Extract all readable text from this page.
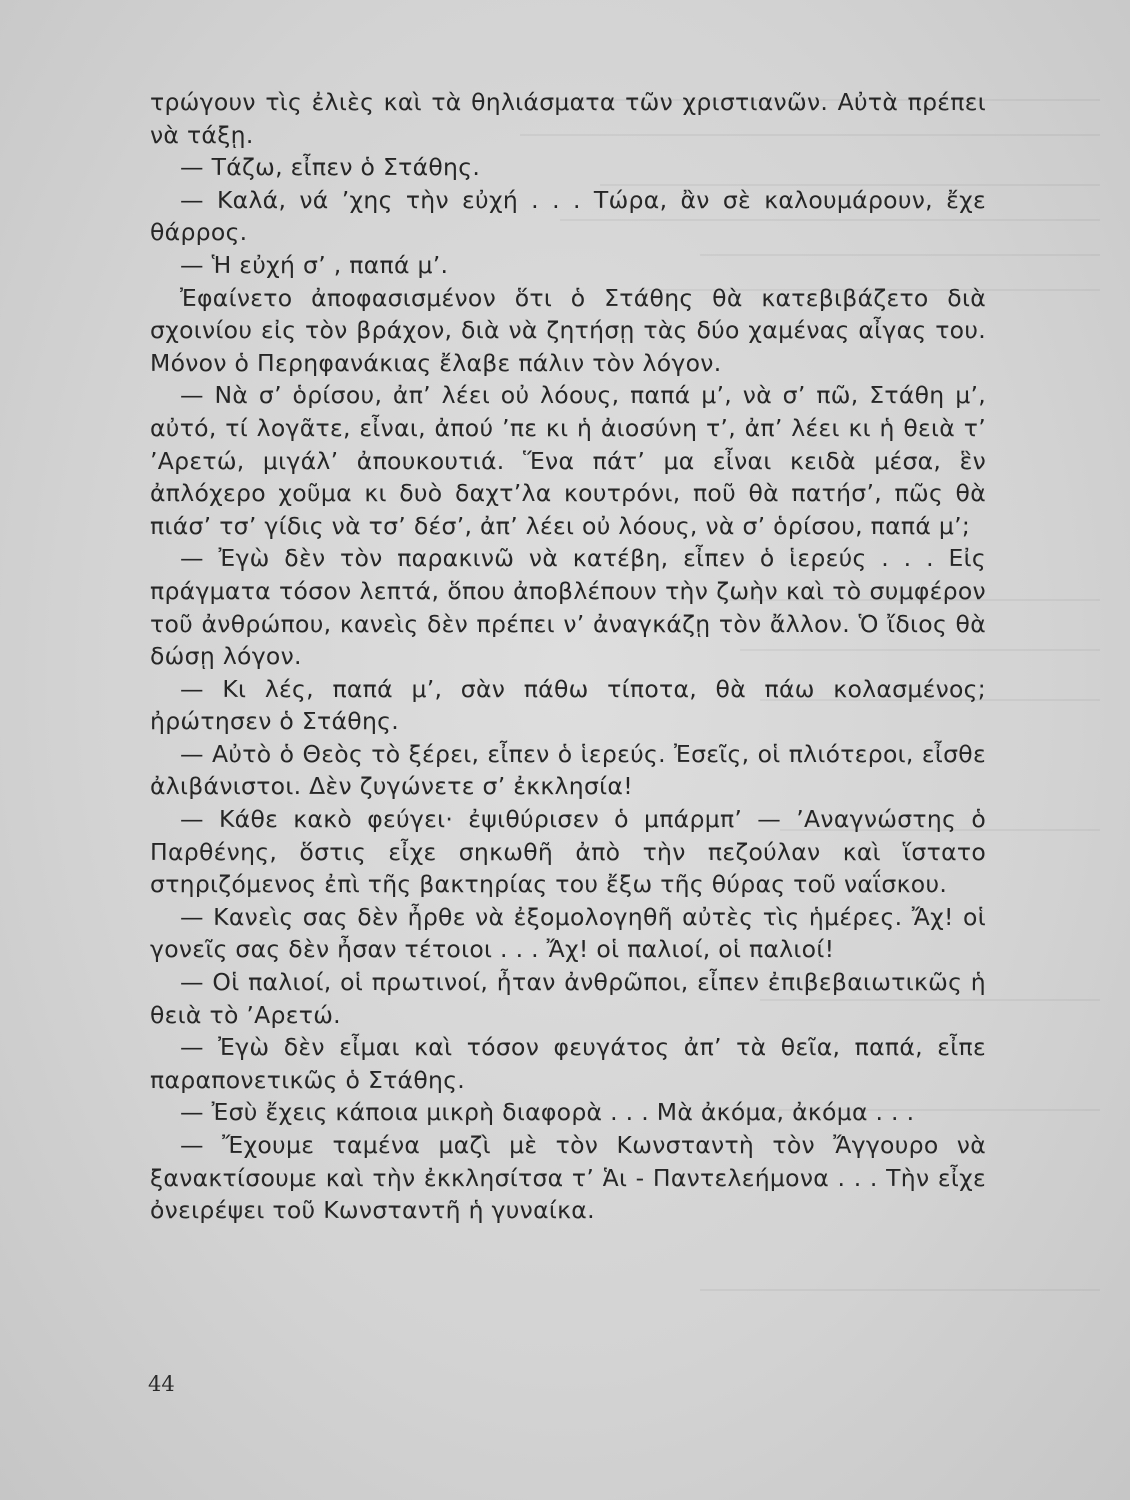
τρώγουν τὶς ἐλιὲς καὶ τὰ θηλιάσματα τῶν χριστιανῶν. Αὐτὰ πρέπει νὰ τάξῃ.

— Τάζω, εἶπεν ὁ Στάθης.

— Καλά, νά ’χης τὴν εὐχή . . . Τώρα, ἂν σὲ καλουμάρουν, ἔχε θάρρος.

— Ἡ εὐχή σ’ , παπά μ’.

Ἐφαίνετο ἀποφασισμένον ὅτι ὁ Στάθης θὰ κατεβιβάζετο διὰ σχοινίου εἰς τὸν βράχον, διὰ νὰ ζητήσῃ τὰς δύο χαμένας αἶγας του. Μόνον ὁ Περηφανάκιας ἔλαβε πάλιν τὸν λόγον.

— Νὰ σ’ ὁρίσου, ἀπ’ λέει οὐ λόους, παπά μ’, νὰ σ’ πῶ, Στάθη μ’, αὐτό, τί λογᾶτε, εἶναι, ἀπού ’πε κι ἡ ἀιοσύνη τ’, ἀπ’ λέει κι ἡ θειὰ τ’ ’Αρετώ, μιγάλ’ ἀπουκουτιά. Ἕνα πάτ’ μα εἶναι κειδὰ μέσα, ἓν ἀπλόχερο χοῦμα κι δυὸ δαχτ’λα κουτρόνι, ποῦ θὰ πατήσ’, πῶς θὰ πιάσ’ τσ’ γίδις νὰ τσ’ δέσ’, ἀπ’ λέει οὐ λόους, νὰ σ’ ὁρίσου, παπά μ’;

— Ἐγὼ δὲν τὸν παρακινῶ νὰ κατέβη, εἶπεν ὁ ἱερεύς . . . Εἰς πράγματα τόσον λεπτά, ὅπου ἀποβλέπουν τὴν ζωὴν καὶ τὸ συμφέρον τοῦ ἀνθρώπου, κανεὶς δὲν πρέπει ν’ ἀναγκάζῃ τὸν ἄλλον. Ὁ ἴδιος θὰ δώσῃ λόγον.

— Κι λές, παπά μ’, σὰν πάθω τίποτα, θὰ πάω κολασμένος; ἠρώτησεν ὁ Στάθης.

— Αὐτὸ ὁ Θεὸς τὸ ξέρει, εἶπεν ὁ ἱερεύς. Ἐσεῖς, οἱ πλιότεροι, εἶσθε ἀλιβάνιστοι. Δὲν ζυγώνετε σ’ ἐκκλησία!

— Κάθε κακὸ φεύγει· ἐψιθύρισεν ὁ μπάρμπ’ — ’Αναγνώστης ὁ Παρθένης, ὅστις εἶχε σηκωθῆ ἀπὸ τὴν πεζούλαν καὶ ἵστατο στηριζόμενος ἐπὶ τῆς βακτηρίας του ἔξω τῆς θύρας τοῦ ναΐσκου.

— Κανεὶς σας δὲν ἦρθε νὰ ἐξομολογηθῆ αὐτὲς τὶς ἡμέρες. Ἄχ! οἱ γονεῖς σας δὲν ἦσαν τέτοιοι . . . Ἄχ! οἱ παλιοί, οἱ παλιοί!

— Οἱ παλιοί, οἱ πρωτινοί, ἦταν ἀνθρῶποι, εἶπεν ἐπιβεβαιωτικῶς ἡ θειὰ τὸ ’Αρετώ.

— Ἐγὼ δὲν εἶμαι καὶ τόσον φευγάτος ἀπ’ τὰ θεῖα, παπά, εἶπε παραπονετικῶς ὁ Στάθης.

— Ἐσὺ ἔχεις κάποια μικρὴ διαφορὰ . . . Μὰ ἀκόμα, ἀκόμα . . .

— Ἔχουμε ταμένα μαζὶ μὲ τὸν Κωνσταντὴ τὸν Ἄγγουρο νὰ ξανακτίσουμε καὶ τὴν ἐκκλησίτσα τ’ Ἁι - Παντελεήμονα . . . Τὴν εἶχε ὀνειρέψει τοῦ Κωνσταντῆ ἡ γυναίκα.

44
